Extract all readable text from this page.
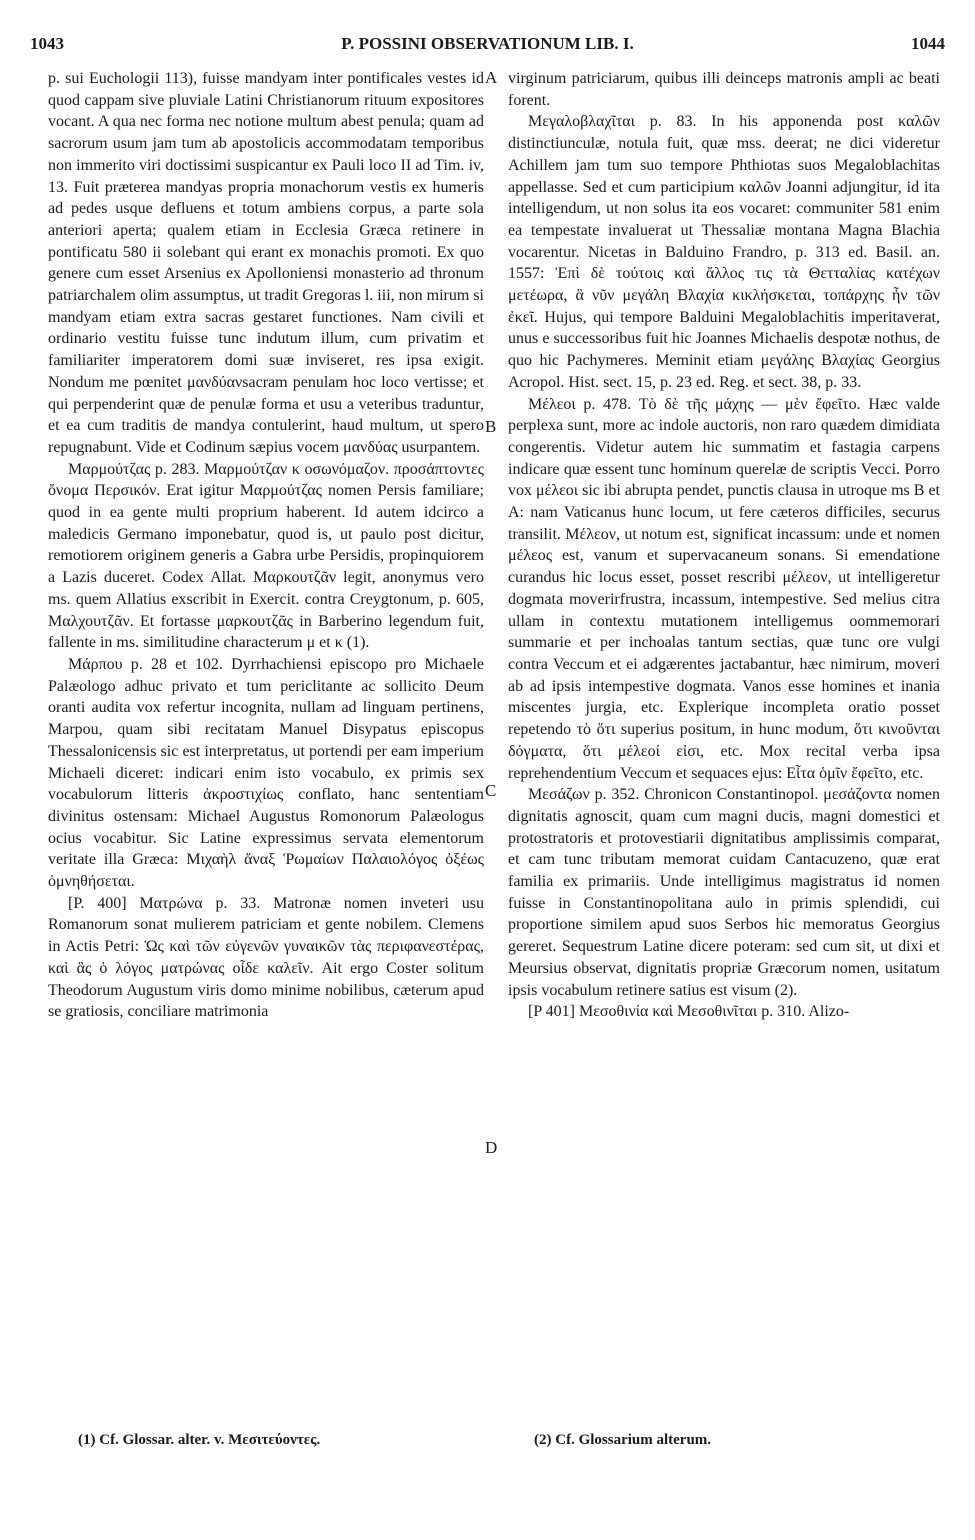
1043	P. POSSINI OBSERVATIONUM LIB. I.	1044

p. sui Euchologii 113), fuisse mandyam inter pontificales vestes id quod cappam sive pluviale Latini Christianorum rituum expositores vocant. A qua nec forma nec notione multum abest penula; quam ad sacrorum usum jam tum ab apostolicis accommodatam temporibus non immerito viri doctissimi suspicantur ex Pauli loco II ad Tim. iv, 13. Fuit præterea mandyas propria monachorum vestis ex humeris ad pedes usque defluens et totum ambiens corpus, a parte sola anteriori aperta; qualem etiam in Ecclesia Græca retinere in pontificatu 580 ii solebant qui erant ex monachis promoti. Ex quo genere cum esset Arsenius ex Apolloniensi monasterio ad thronum patriarchalem olim assumptus, ut tradit Gregoras l. iii, non mirum si mandyam etiam extra sacras gestaret functiones. Nam civili et ordinario vestitu fuisse tunc indutum illum, cum privatim et familiariter imperatorem domi suæ inviseret, res ipsa exigit. Nondum me pœnitet μανδύανsacram penulam hoc loco vertisse; et qui perpenderint quæ de penulæ forma et usu a veteribus traduntur, et ea cum traditis de mandya contulerint, haud multum, ut spero repugnabunt. Vide et Codinum sæpius vocem μανδύας usurpantem.

Μαρμούτζας p. 283. Μαρμούτζαν κ οσωνόμαζον. προσάπτοντες ὄνομα Περσικόν. Erat igitur Μαρμούτζας nomen Persis familiare; quod in ea gente multi proprium haberent. Id autem idcirco a maledicis Germano imponebatur, quod is, ut paulo post dicitur, remotiorem originem generis a Gabra urbe Persidis, propinquiorem a Lazis duceret. Codex Allat. Μαρκουτζᾶν legit, anonymus vero ms. quem Allatius exscribit in Exercit. contra Creygtonum, p. 605, Μαλχουτζᾶν. Et fortasse μαρκουτζᾶς in Barberino legendum fuit, fallente in ms. similitudine characterum μ et κ (1).

Μάρπου p. 28 et 102. Dyrrhachiensi episcopo pro Michaele Palæologo adhuc privato et tum periclitante ac sollicito Deum oranti audita vox refertur incognita, nullam ad linguam pertinens, Marpou, quam sibi recitatam Manuel Disypatus episcopus Thessalonicensis sic est interpretatus, ut portendi per eam imperium Michaeli diceret: indicari enim isto vocabulo, ex primis sex vocabulorum litteris ἀκροστιχίως conflato, hanc sententiam divinitus ostensam: Michael Augustus Romonorum Palæologus ocius vocabitur. Sic Latine expressimus servata elementorum veritate illa Græca: Μιχαὴλ ἄναξ Ῥωμαίων Παλαιολόγος ὀξέως ὀμνηθήσεται.

[P. 400] Ματρώνα p. 33. Matronæ nomen inveteri usu Romanorum sonat mulierem patriciam et gente nobilem. Clemens in Actis Petri: Ὡς καὶ τῶν εὐγενῶν γυναικῶν τὰς περιφανεστέρας, καὶ ἃς ὁ λόγος ματρώνας οἶδε καλεῖν. Ait ergo Coster solitum Theodorum Augustum viris domo minime nobilibus, cæterum apud se gratiosis, conciliare matrimonia

A
B
C
D

virginum patriciarum, quibus illi deinceps matronis ampli ac beati forent.

Μεγαλοβλαχῖται p. 83. In his apponenda post καλῶν distinctiunculæ, notula fuit, quæ mss. deerat; ne dici videretur Achillem jam tum suo tempore Phthiotas suos Megaloblachitas appellasse. Sed et cum participium καλῶν Joanni adjungitur, id ita intelligendum, ut non solus ita eos vocaret: communiter 581 enim ea tempestate invaluerat ut Thessaliæ montana Magna Blachia vocarentur. Nicetas in Balduino Frandro, p. 313 ed. Basil. an. 1557: Ἐπὶ δὲ τούτοις καὶ ἄλλος τις τὰ Θετταλίας κατέχων μετέωρα, ἃ νῦν μεγάλη Βλαχία κικλήσκεται, τοπάρχης ἦν τῶν ἐκεῖ. Hujus, qui tempore Balduini Megaloblachitis imperitaverat, unus e successoribus fuit hic Joannes Michaelis despotæ nothus, de quo hic Pachymeres. Meminit etiam μεγάλης Βλαχίας Georgius Acropol. Hist. sect. 15, p. 23 ed. Reg. et sect. 38, p. 33.

Μέλεοι p. 478. Τὸ δὲ τῆς μάχης — μὲν ἔφεῖτο. Hæc valde perplexa sunt, more ac indole auctoris, non raro quædem dimidiata congerentis. Videtur autem hic summatim et fastagia carpens indicare quæ essent tunc hominum querelæ de scriptis Vecci. Porro vox μέλεοι sic ibi abrupta pendet, punctis clausa in utroque ms B et A: nam Vaticanus hunc locum, ut fere cæteros difficiles, securus transilit. Μέλεον, ut notum est, significat incassum: unde et nomen μέλεος est, vanum et supervacaneum sonans. Si emendatione curandus hic locus esset, posset rescribi μέλεον, ut intelligeretur dogmata moverirfrustra, incassum, intempestive. Sed melius citra ullam in contextu mutationem intelligemus oommemorari summarie et per inchoalas tantum sectias, quæ tunc ore vulgi contra Veccum et ei adgærentes jactabantur, hæc nimirum, moveri ab ad ipsis intempestive dogmata. Vanos esse homines et inania miscentes jurgia, etc. Explerique incompleta oratio posset repetendo τὸ ὅτι superius positum, in hunc modum, ὅτι κινοῦνται δόγματα, ὅτι μέλεοί εἰσι, etc. Mox recital verba ipsa reprehendentium Veccum et sequaces ejus: Εἶτα ὁμῖν ἔφεῖτο, etc.

Μεσάζων p. 352. Chronicon Constantinopol. μεσάζοντα nomen dignitatis agnoscit, quam cum magni ducis, magni domestici et protostratoris et protovestiarii dignitatibus amplissimis comparat, et cam tunc tributam memorat cuidam Cantacuzeno, quæ erat familia ex primariis. Unde intelligimus magistratus id nomen fuisse in Constantinopolitana aulo in primis splendidi, cui proportione similem apud suos Serbos hic memoratus Georgius gereret. Sequestrum Latine dicere poteram: sed cum sit, ut dixi et Meursius observat, dignitatis propriæ Græcorum nomen, usitatum ipsis vocabulum retinere satius est visum (2).

[P 401] Μεσοθινία καὶ Μεσοθινῖται p. 310. Alizo-

(1) Cf. Glossar. alter. v. Μεσιτεύοντες.	(2) Cf. Glossarium alterum.
